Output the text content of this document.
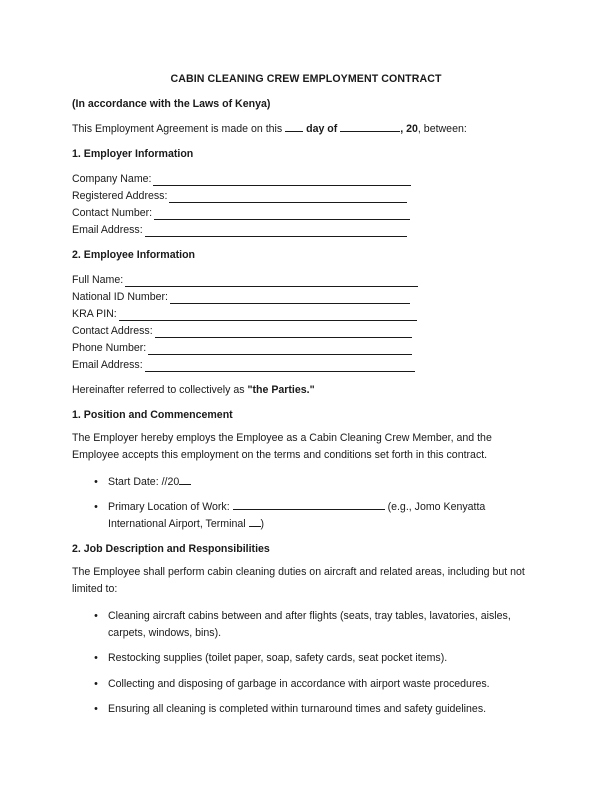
CABIN CLEANING CREW EMPLOYMENT CONTRACT
(In accordance with the Laws of Kenya)
This Employment Agreement is made on this  day of	, 20, between:
1. Employer Information
Company Name:
Registered Address:
Contact Number:
Email Address:
2. Employee Information
Full Name:
National ID Number:
KRA PIN:
Contact Address:
Phone Number:
Email Address:
Hereinafter referred to collectively as "the Parties."
1. Position and Commencement
The Employer hereby employs the Employee as a Cabin Cleaning Crew Member, and the Employee accepts this employment on the terms and conditions set forth in this contract.
• Start Date: //20
• Primary Location of Work:	(e.g., Jomo Kenyatta
International Airport, Terminal )
2. Job Description and Responsibilities
The Employee shall perform cabin cleaning duties on aircraft and related areas, including but not limited to:
• Cleaning aircraft cabins between and after flights (seats, tray tables, lavatories, aisles, carpets, windows, bins).
• Restocking supplies (toilet paper, soap, safety cards, seat pocket items).
• Collecting and disposing of garbage in accordance with airport waste procedures.
• Ensuring all cleaning is completed within turnaround times and safety guidelines.
